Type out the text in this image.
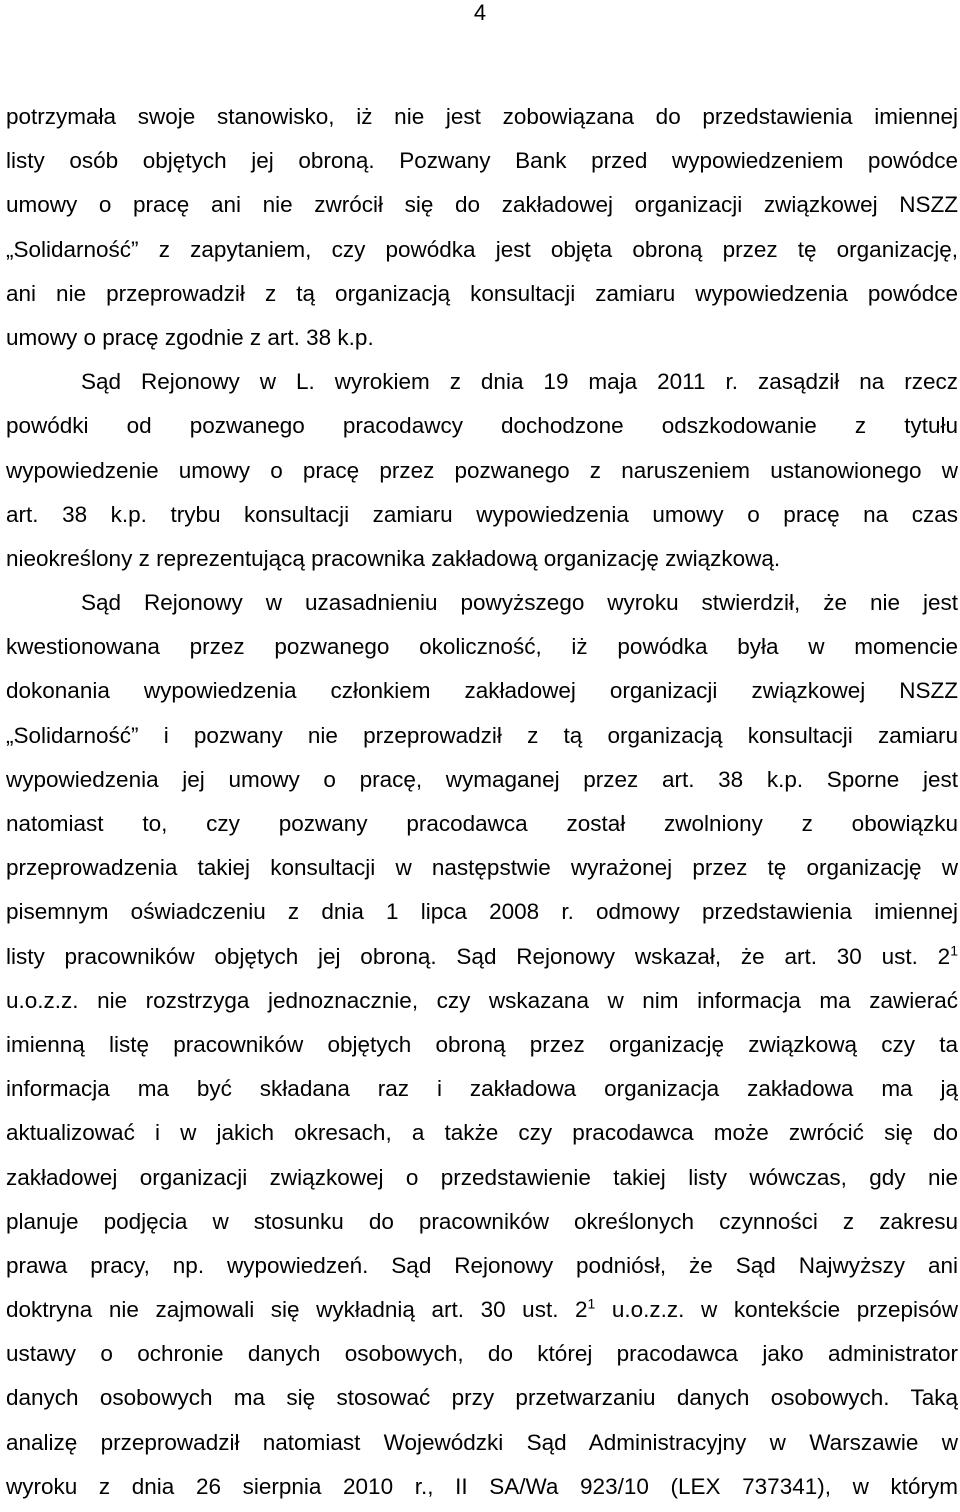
4
potrzymała swoje stanowisko, iż nie jest zobowiązana do przedstawienia imiennej
listy osób objętych jej obroną. Pozwany Bank przed wypowiedzeniem powódce
umowy o pracę ani nie zwrócił się do zakładowej organizacji związkowej NSZZ
„Solidarność” z zapytaniem, czy powódka jest objęta obroną przez tę organizację,
ani nie przeprowadził z tą organizacją konsultacji zamiaru wypowiedzenia powódce
umowy o pracę zgodnie z art. 38 k.p.
Sąd Rejonowy w L. wyrokiem z dnia 19 maja 2011 r. zasądził na rzecz
powódki od pozwanego pracodawcy dochodzone odszkodowanie z tytułu
wypowiedzenie umowy o pracę przez pozwanego z naruszeniem ustanowionego w
art. 38 k.p. trybu konsultacji zamiaru wypowiedzenia umowy o pracę na czas
nieokreślony z reprezentującą pracownika zakładową organizację związkową.
Sąd Rejonowy w uzasadnieniu powyższego wyroku stwierdził, że nie jest
kwestionowana przez pozwanego okoliczność, iż powódka była w momencie
dokonania wypowiedzenia członkiem zakładowej organizacji związkowej NSZZ
„Solidarność” i pozwany nie przeprowadził z tą organizacją konsultacji zamiaru
wypowiedzenia jej umowy o pracę, wymaganej przez art. 38 k.p. Sporne jest
natomiast to, czy pozwany pracodawca został zwolniony z obowiązku
przeprowadzenia takiej konsultacji w następstwie wyrażonej przez tę organizację w
pisemnym oświadczeniu z dnia 1 lipca 2008 r. odmowy przedstawienia imiennej
listy pracowników objętych jej obroną. Sąd Rejonowy wskazał, że art. 30 ust. $2^1$
u.o.z.z. nie rozstrzyga jednoznacznie, czy wskazana w nim informacja ma zawierać
imienną listę pracowników objętych obroną przez organizację związkową czy ta
informacja ma być składana raz i zakładowa organizacja zakładowa ma ją
aktualizować i w jakich okresach, a także czy pracodawca może zwrócić się do
zakładowej organizacji związkowej o przedstawienie takiej listy wówczas, gdy nie
planuje podjęcia w stosunku do pracowników określonych czynności z zakresu
prawa pracy, np. wypowiedzeń. Sąd Rejonowy podniósł, że Sąd Najwyższy ani
doktryna nie zajmowali się wykładnią art. 30 ust. $2^1$ u.o.z.z. w kontekście przepisów
ustawy o ochronie danych osobowych, do której pracodawca jako administrator
danych osobowych ma się stosować przy przetwarzaniu danych osobowych. Taką
analizę przeprowadził natomiast Wojewódzki Sąd Administracyjny w Warszawie w
wyroku z dnia 26 sierpnia 2010 r., II SA/Wa 923/10 (LEX 737341), w którym
